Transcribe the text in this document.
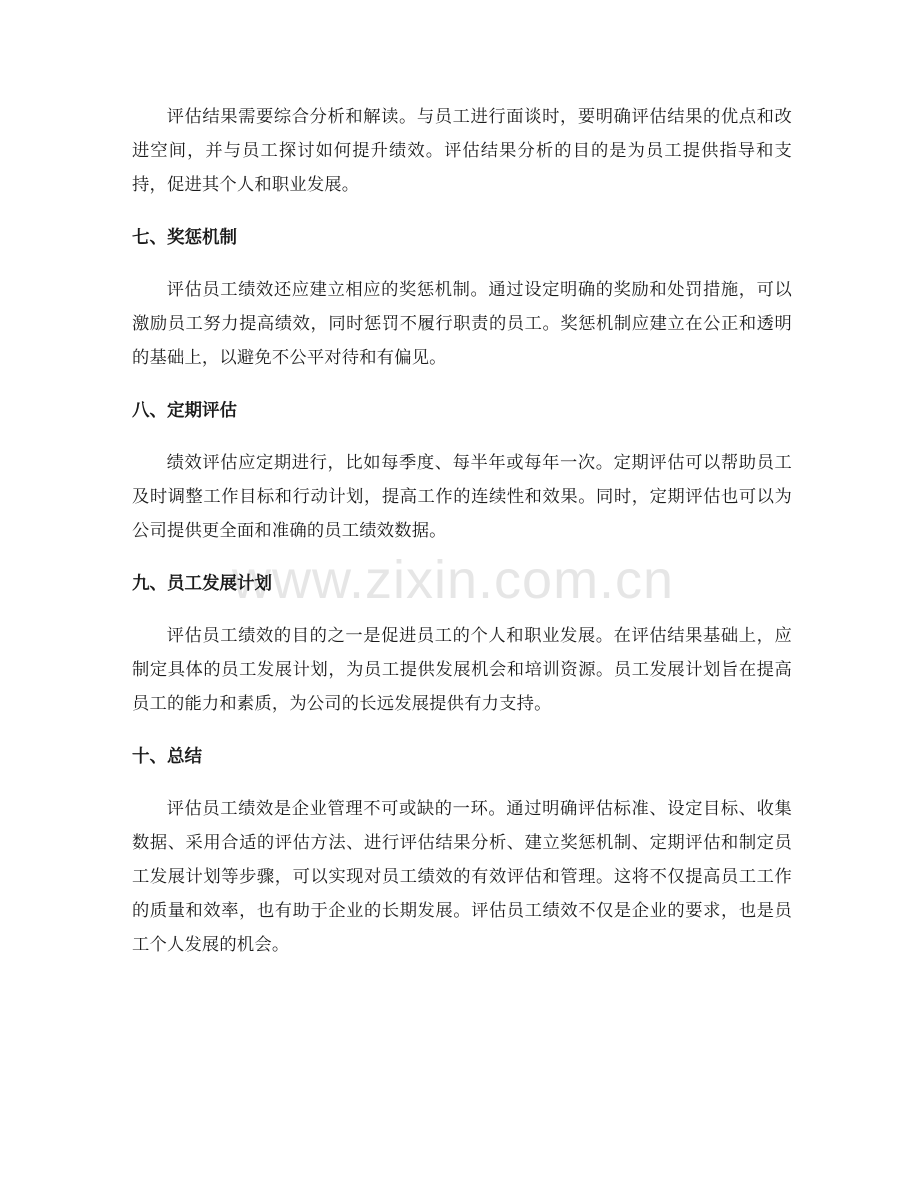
www.zixin.com.cn

评估结果需要综合分析和解读。与员工进行面谈时，要明确评估结果的优点和改进空间，并与员工探讨如何提升绩效。评估结果分析的目的是为员工提供指导和支持，促进其个人和职业发展。

七、奖惩机制

评估员工绩效还应建立相应的奖惩机制。通过设定明确的奖励和处罚措施，可以激励员工努力提高绩效，同时惩罚不履行职责的员工。奖惩机制应建立在公正和透明的基础上，以避免不公平对待和有偏见。

八、定期评估

绩效评估应定期进行，比如每季度、每半年或每年一次。定期评估可以帮助员工及时调整工作目标和行动计划，提高工作的连续性和效果。同时，定期评估也可以为公司提供更全面和准确的员工绩效数据。

九、员工发展计划

评估员工绩效的目的之一是促进员工的个人和职业发展。在评估结果基础上，应制定具体的员工发展计划，为员工提供发展机会和培训资源。员工发展计划旨在提高员工的能力和素质，为公司的长远发展提供有力支持。

十、总结

评估员工绩效是企业管理不可或缺的一环。通过明确评估标准、设定目标、收集数据、采用合适的评估方法、进行评估结果分析、建立奖惩机制、定期评估和制定员工发展计划等步骤，可以实现对员工绩效的有效评估和管理。这将不仅提高员工工作的质量和效率，也有助于企业的长期发展。评估员工绩效不仅是企业的要求，也是员工个人发展的机会。
